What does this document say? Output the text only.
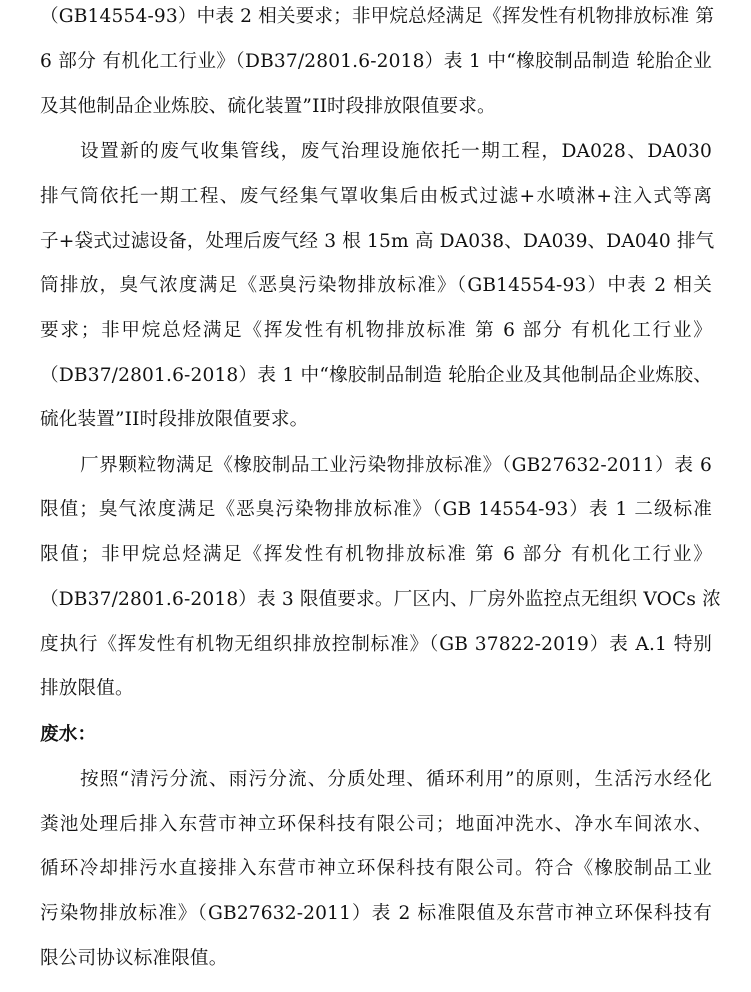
（GB14554-93）中表 2 相关要求；非甲烷总烃满足《挥发性有机物排放标准 第
6 部分 有机化工行业》（DB37/2801.6-2018）表 1 中“橡胶制品制造 轮胎企业
及其他制品企业炼胶、硫化装置”II时段排放限值要求。
设置新的废气收集管线，废气治理设施依托一期工程，DA028、DA030
排气筒依托一期工程、废气经集气罩收集后由板式过滤+水喷淋+注入式等离
子+袋式过滤设备，处理后废气经 3 根 15m 高 DA038、DA039、DA040 排气
筒排放，臭气浓度满足《恶臭污染物排放标准》（GB14554-93）中表 2 相关
要求；非甲烷总烃满足《挥发性有机物排放标准 第 6 部分 有机化工行业》
（DB37/2801.6-2018）表 1 中“橡胶制品制造 轮胎企业及其他制品企业炼胶、
硫化装置”II时段排放限值要求。
厂界颗粒物满足《橡胶制品工业污染物排放标准》（GB27632-2011）表 6
限值；臭气浓度满足《恶臭污染物排放标准》（GB 14554-93）表 1 二级标准
限值；非甲烷总烃满足《挥发性有机物排放标准 第 6 部分 有机化工行业》
（DB37/2801.6-2018）表 3 限值要求。厂区内、厂房外监控点无组织 VOCs 浓
度执行《挥发性有机物无组织排放控制标准》（GB 37822-2019）表 A.1 特别
排放限值。
废水：
按照“清污分流、雨污分流、分质处理、循环利用”的原则，生活污水经化
粪池处理后排入东营市神立环保科技有限公司；地面冲洗水、净水车间浓水、
循环冷却排污水直接排入东营市神立环保科技有限公司。符合《橡胶制品工业
污染物排放标准》（GB27632-2011）表 2 标准限值及东营市神立环保科技有
限公司协议标准限值。
